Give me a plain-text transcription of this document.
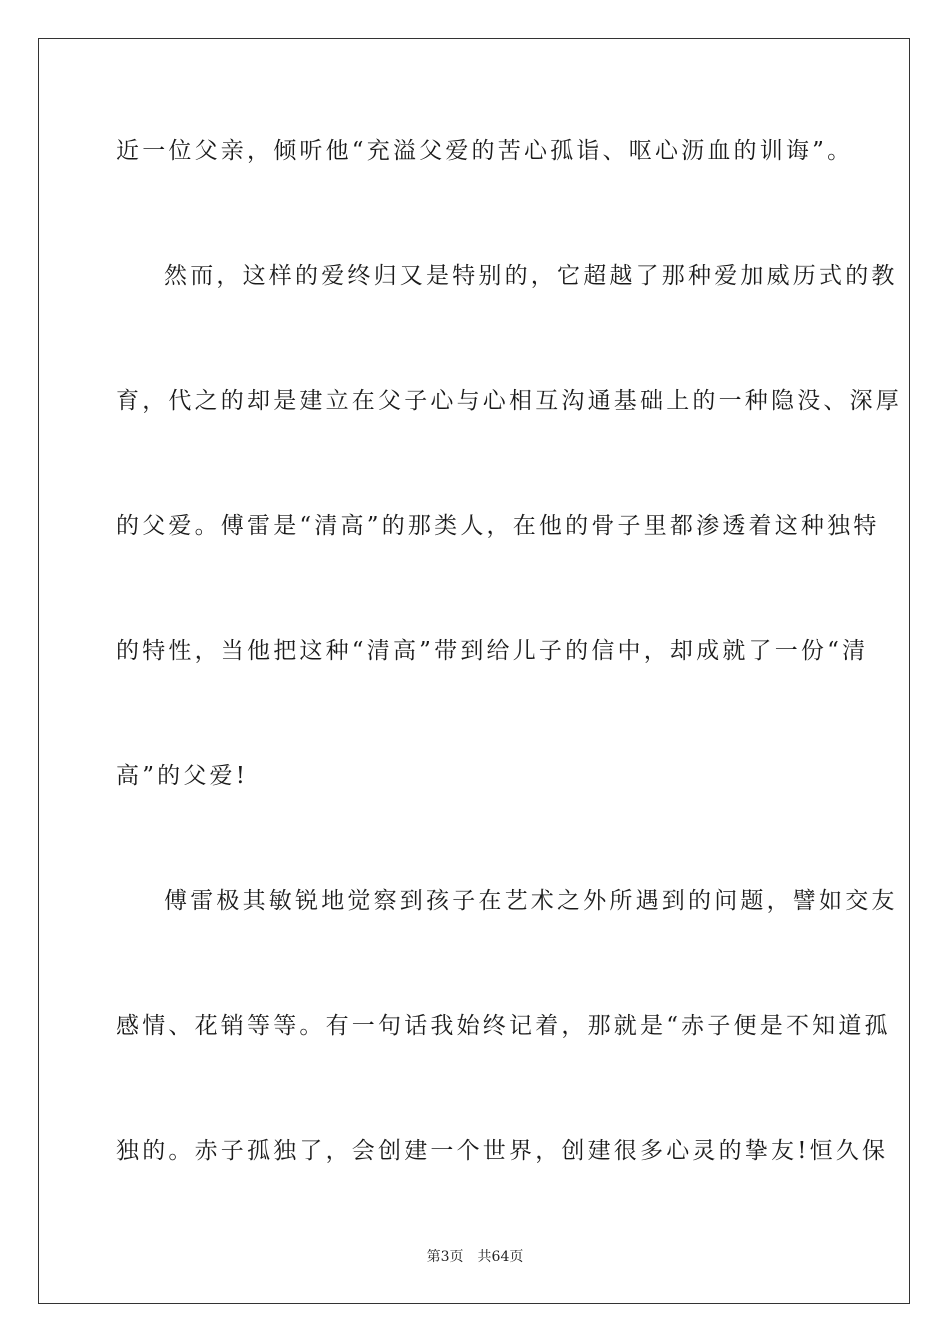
近一位父亲，倾听他“充溢父爱的苦心孤诣、呕心沥血的训诲”。
然而，这样的爱终归又是特别的，它超越了那种爱加威历式的教
育，代之的却是建立在父子心与心相互沟通基础上的一种隐没、深厚
的父爱。傅雷是“清高”的那类人，在他的骨子里都渗透着这种独特
的特性，当他把这种“清高”带到给儿子的信中，却成就了一份“清
高”的父爱!
傅雷极其敏锐地觉察到孩子在艺术之外所遇到的问题，譬如交友
感情、花销等等。有一句话我始终记着，那就是“赤子便是不知道孤
独的。赤子孤独了，会创建一个世界，创建很多心灵的挚友!恒久保
第3页 共64页
